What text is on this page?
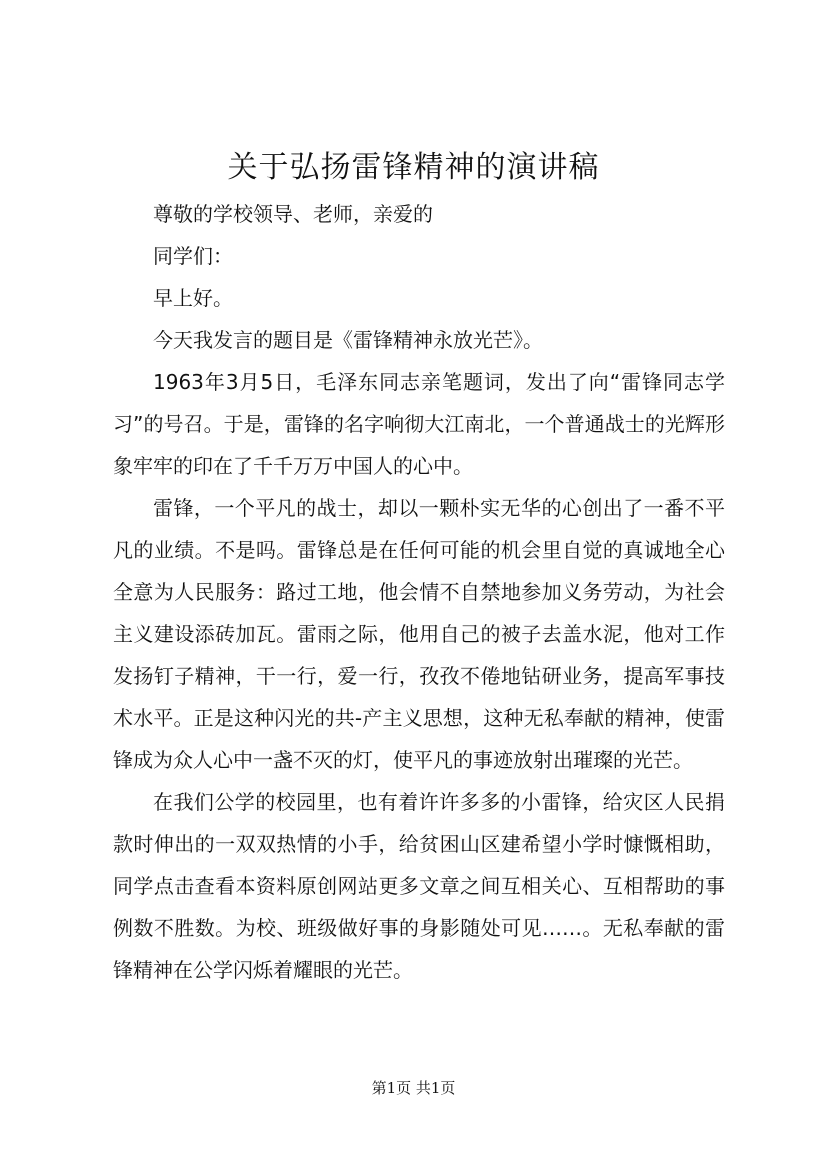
关于弘扬雷锋精神的演讲稿

尊敬的学校领导、老师，亲爱的

同学们：

早上好。

今天我发言的题目是《雷锋精神永放光芒》。

1963年3月5日，毛泽东同志亲笔题词，发出了向“雷锋同志学习”的号召。于是，雷锋的名字响彻大江南北，一个普通战士的光辉形象牢牢的印在了千千万万中国人的心中。

雷锋，一个平凡的战士，却以一颗朴实无华的心创出了一番不平凡的业绩。不是吗。雷锋总是在任何可能的机会里自觉的真诚地全心全意为人民服务：路过工地，他会情不自禁地参加义务劳动，为社会主义建设添砖加瓦。雷雨之际，他用自己的被子去盖水泥，他对工作发扬钉子精神，干一行，爱一行，孜孜不倦地钻研业务，提高军事技术水平。正是这种闪光的共-产主义思想，这种无私奉献的精神，使雷锋成为众人心中一盏不灭的灯，使平凡的事迹放射出璀璨的光芒。

在我们公学的校园里，也有着许许多多的小雷锋，给灾区人民捐款时伸出的一双双热情的小手，给贫困山区建希望小学时慷慨相助，同学点击查看本资料原创网站更多文章之间互相关心、互相帮助的事例数不胜数。为校、班级做好事的身影随处可见……。无私奉献的雷锋精神在公学闪烁着耀眼的光芒。

第1页 共1页
